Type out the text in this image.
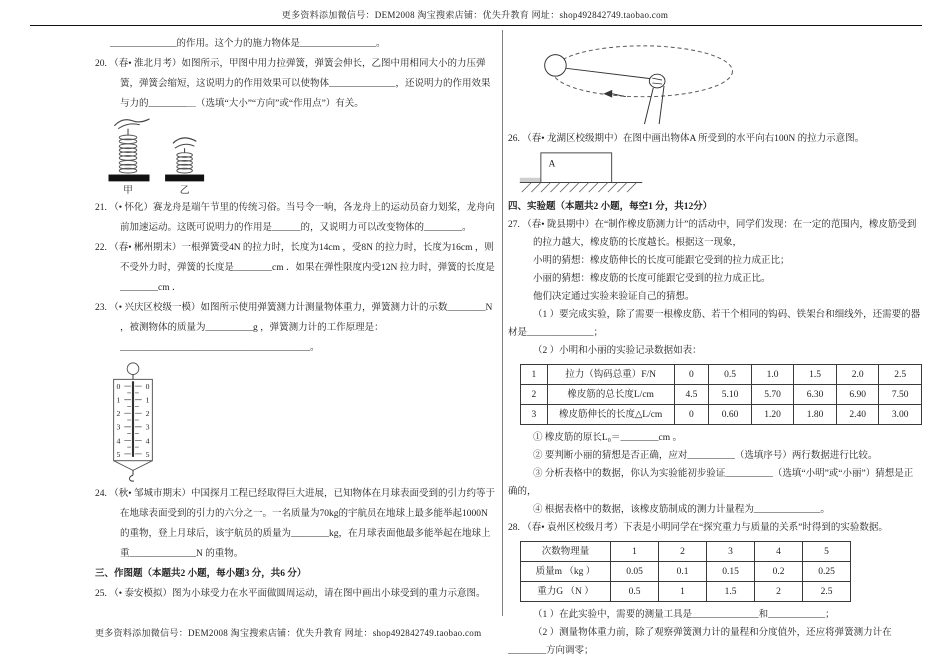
更多资料添加微信号：DEM2008 淘宝搜索店铺：优失升教育 网址：shop492842749.taobao.com

______________的作用。这个力的施力物体是________________。

20. （春• 淮北月考）如图所示，甲图中用力拉弹簧，弹簧会伸长，乙图中用相同大小的力压弹簧，弹簧会缩短，这说明力的作用效果可以使物体______________，还说明力的作用效果与力的________＿（选填“大小”“方向”或“作用点”）有关。

甲	乙

21. （• 怀化）赛龙舟是端午节里的传统习俗。当号令一响，各龙舟上的运动员奋力划桨，龙舟向前加速运动。这既可说明力的作用是______的，又说明力可以改变物体的________。

22. （春• 郴州期末）一根弹簧受4N 的拉力时，长度为14cm ，受8N 的拉力时，长度为16cm ，则不受外力时，弹簧的长度是________cm ．如果在弹性限度内受12N 拉力时，弹簧的长度是________cm ．

23. （• 兴庆区校级一模）如图所示使用弹簧测力计测量物体重力，弹簧测力计的示数________N ，被测物体的质量为__________g ，弹簧测力计的工作原理是：________________________________________。

0
1
2
3
4
5
0
1
2
3
4
5

24. （秋• 邹城市期末）中国探月工程已经取得巨大进展，已知物体在月球表面受到的引力约等于在地球表面受到的引力的六分之一。一名质量为70kg的宇航员在地球上最多能举起1000N 的重物，登上月球后，该宇航员的质量为________kg，在月球表面他最多能举起在地球上重______________N 的重物。

三、作图题（本题共2 小题，每小题3 分，共6 分）

25. （• 泰安模拟）图为小球受力在水平面做圆周运动，请在图中画出小球受到的重力示意图。

26. （春• 龙湖区校级期中）在图中画出物体A 所受到的水平向右100N 的拉力示意图。

A

四、实验题（本题共2 小题，每空1 分，共12分）

27. （春• 陇县期中）在“制作橡皮筋测力计”的活动中，同学们发现：在一定的范围内，橡皮筋受到的拉力越大，橡皮筋的长度越长。根据这一现象，

小明的猜想：橡皮筋伸长的长度可能跟它受到的拉力成正比；

小丽的猜想：橡皮筋的长度可能跟它受到的拉力成正比。

他们决定通过实验来验证自己的猜想。

（1 ）要完成实验，除了需要一根橡皮筋、若干个相同的钩码、铁架台和细线外，还需要的器材是______________；

（2 ）小明和小丽的实验记录数据如表：

1	拉力（钩码总重）F/N	0	0.5	1.0	1.5	2.0	2.5
2	橡皮筋的总长度L/cm	4.5	5.10	5.70	6.30	6.90	7.50
3	橡皮筋伸长的长度△L/cm	0	0.60	1.20	1.80	2.40	3.00

① 橡皮筋的原长L₀＝________cm 。

② 要判断小丽的猜想是否正确，应对__________（选填序号）两行数据进行比较。

③ 分析表格中的数据，你认为实验能初步验证__________（选填“小明”或“小丽”）猜想是正确的，

④ 根据表格中的数据，该橡皮筋制成的测力计量程为______________。

28. （春• 袁州区校级月考）下表是小明同学在“探究重力与质量的关系”时得到的实验数据。

次数物理量	1	2	3	4	5
质量m （kg ）	0.05	0.1	0.15	0.2	0.25
重力G （N ）	0.5	1	1.5	2	2.5

（1 ）在此实验中，需要的测量工具是______________和____________；

（2 ）测量物体重力前，除了观察弹簧测力计的量程和分度值外，还应将弹簧测力计在________方向调零；

更多资料添加微信号：DEM2008 淘宝搜索店铺：优失升教育 网址：shop492842749.taobao.com
